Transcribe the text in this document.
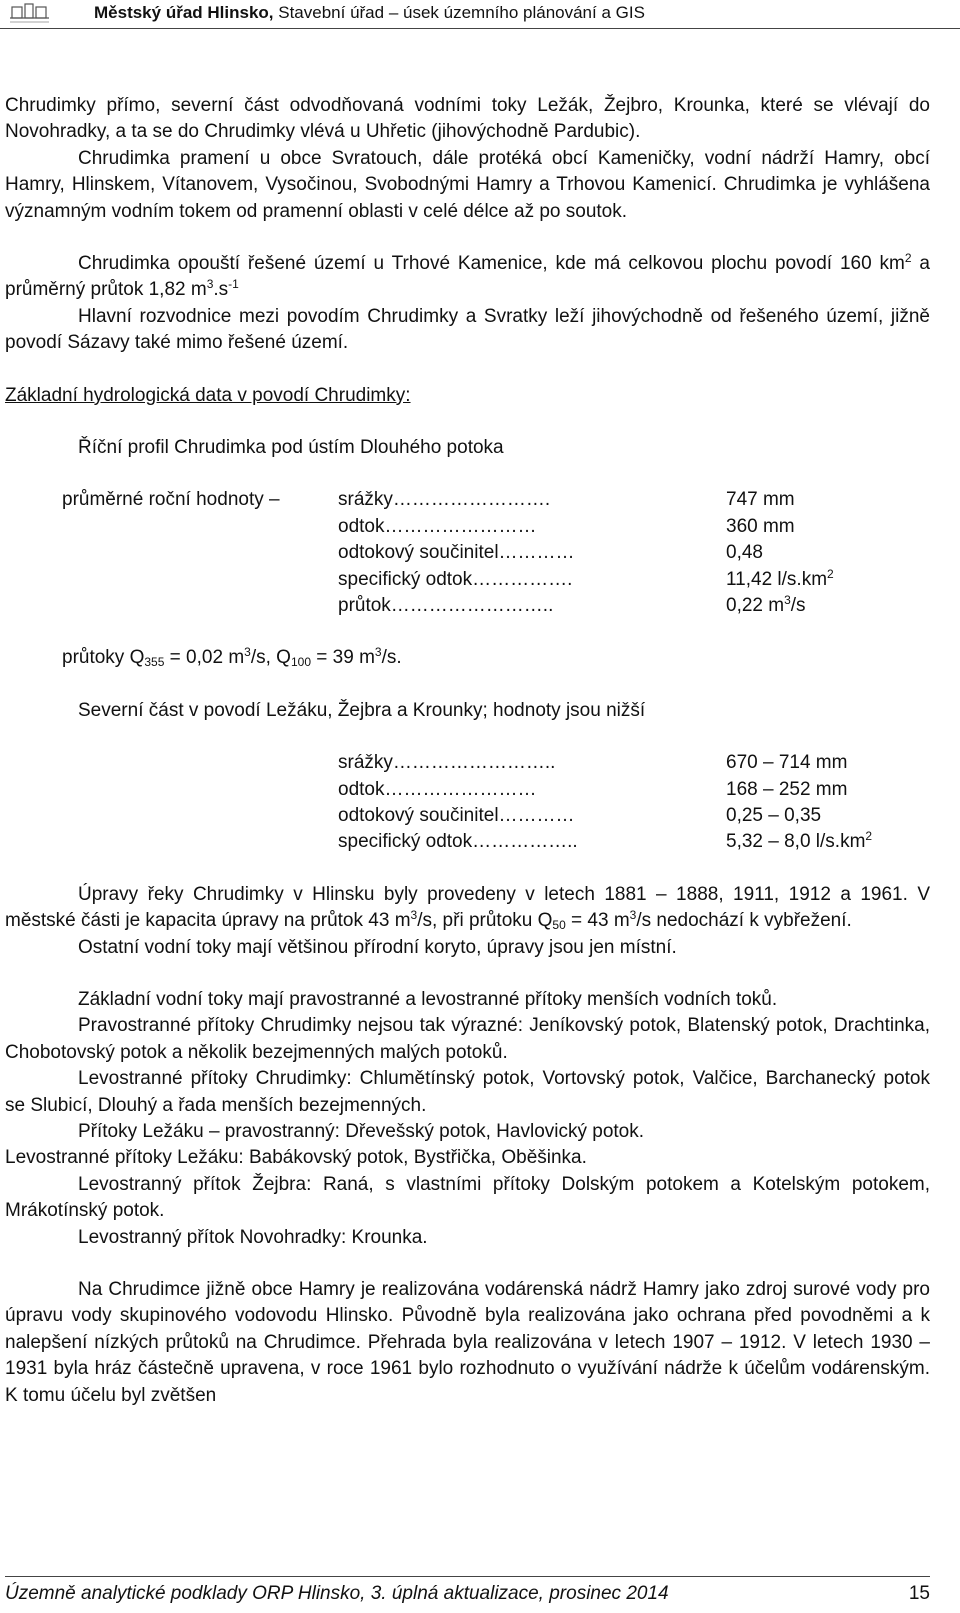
Městský úřad Hlinsko, Stavební úřad – úsek územního plánování a GIS

Chrudimky přímo, severní část odvodňovaná vodními toky Ležák, Žejbro, Krounka, které se vlévají do Novohradky, a ta se do Chrudimky vlévá u Uhřetic (jihovýchodně Pardubic).

Chrudimka pramení u obce Svratouch, dále protéká obcí Kameničky, vodní nádrží Hamry, obcí Hamry, Hlinskem, Vítanovem, Vysočinou, Svobodnými Hamry a Trhovou Kamenicí. Chrudimka je vyhlášena významným vodním tokem od pramenní oblasti v celé délce až po soutok.

Chrudimka opouští řešené území u Trhové Kamenice, kde má celkovou plochu povodí 160 $km^2$ a průměrný průtok 1,82 $m^3.s^{-1}$

Hlavní rozvodnice mezi povodím Chrudimky a Svratky leží jihovýchodně od řešeného území, jižně povodí Sázavy také mimo řešené území.

Základní hydrologická data v povodí Chrudimky:

Říční profil Chrudimka pod ústím Dlouhého potoka

průměrné roční hodnoty –	srážky…………………….	747 mm
odtok……………………	360 mm
odtokový součinitel…………	0,48
specifický odtok…………….	11,42 $l/s.km^2$
průtok……………………..	0,22 $m^3/s$
průtoky $Q_{355} = 0,02$ $m^3/s$, $Q_{100} = 39$ $m^3/s$.

Severní část v povodí Ležáku, Žejbra a Krounky; hodnoty jsou nižší

srážky……………………..	670 – 714 mm
odtok……………………	168 – 252 mm
odtokový součinitel…………	0,25 – 0,35
specifický odtok……………..	5,32 – 8,0 $l/s.km^2$

Úpravy řeky Chrudimky v Hlinsku byly provedeny v letech 1881 – 1888, 1911, 1912 a 1961. V městské části je kapacita úpravy na průtok 43 $m^3/s$, při průtoku $Q_{50} = 43$ $m^3/s$ nedochází k vybřežení.

Ostatní vodní toky mají většinou přírodní koryto, úpravy jsou jen místní.

Základní vodní toky mají pravostranné a levostranné přítoky menších vodních toků.

Pravostranné přítoky Chrudimky nejsou tak výrazné: Jeníkovský potok, Blatenský potok, Drachtinka, Chobotovský potok a několik bezejmenných malých potoků.

Levostranné přítoky Chrudimky: Chlumětínský potok, Vortovský potok, Valčice, Barchanecký potok se Slubicí, Dlouhý a řada menších bezejmenných.

Přítoky Ležáku – pravostranný: Dřevešský potok, Havlovický potok.

Levostranné přítoky Ležáku: Babákovský potok, Bystřička, Oběšinka.

Levostranný přítok Žejbra: Raná, s vlastními přítoky Dolským potokem a Kotelským potokem, Mrákotínský potok.

Levostranný přítok Novohradky: Krounka.

Na Chrudimce jižně obce Hamry je realizována vodárenská nádrž Hamry jako zdroj surové vody pro úpravu vody skupinového vodovodu Hlinsko. Původně byla realizována jako ochrana před povodněmi a k nalepšení nízkých průtoků na Chrudimce. Přehrada byla realizována v letech 1907 – 1912. V letech 1930 – 1931 byla hráz částečně upravena, v roce 1961 bylo rozhodnuto o využívání nádrže k účelům vodárenským. K tomu účelu byl zvětšen

Územně analytické podklady ORP Hlinsko, 3. úplná aktualizace, prosinec 2014	15
